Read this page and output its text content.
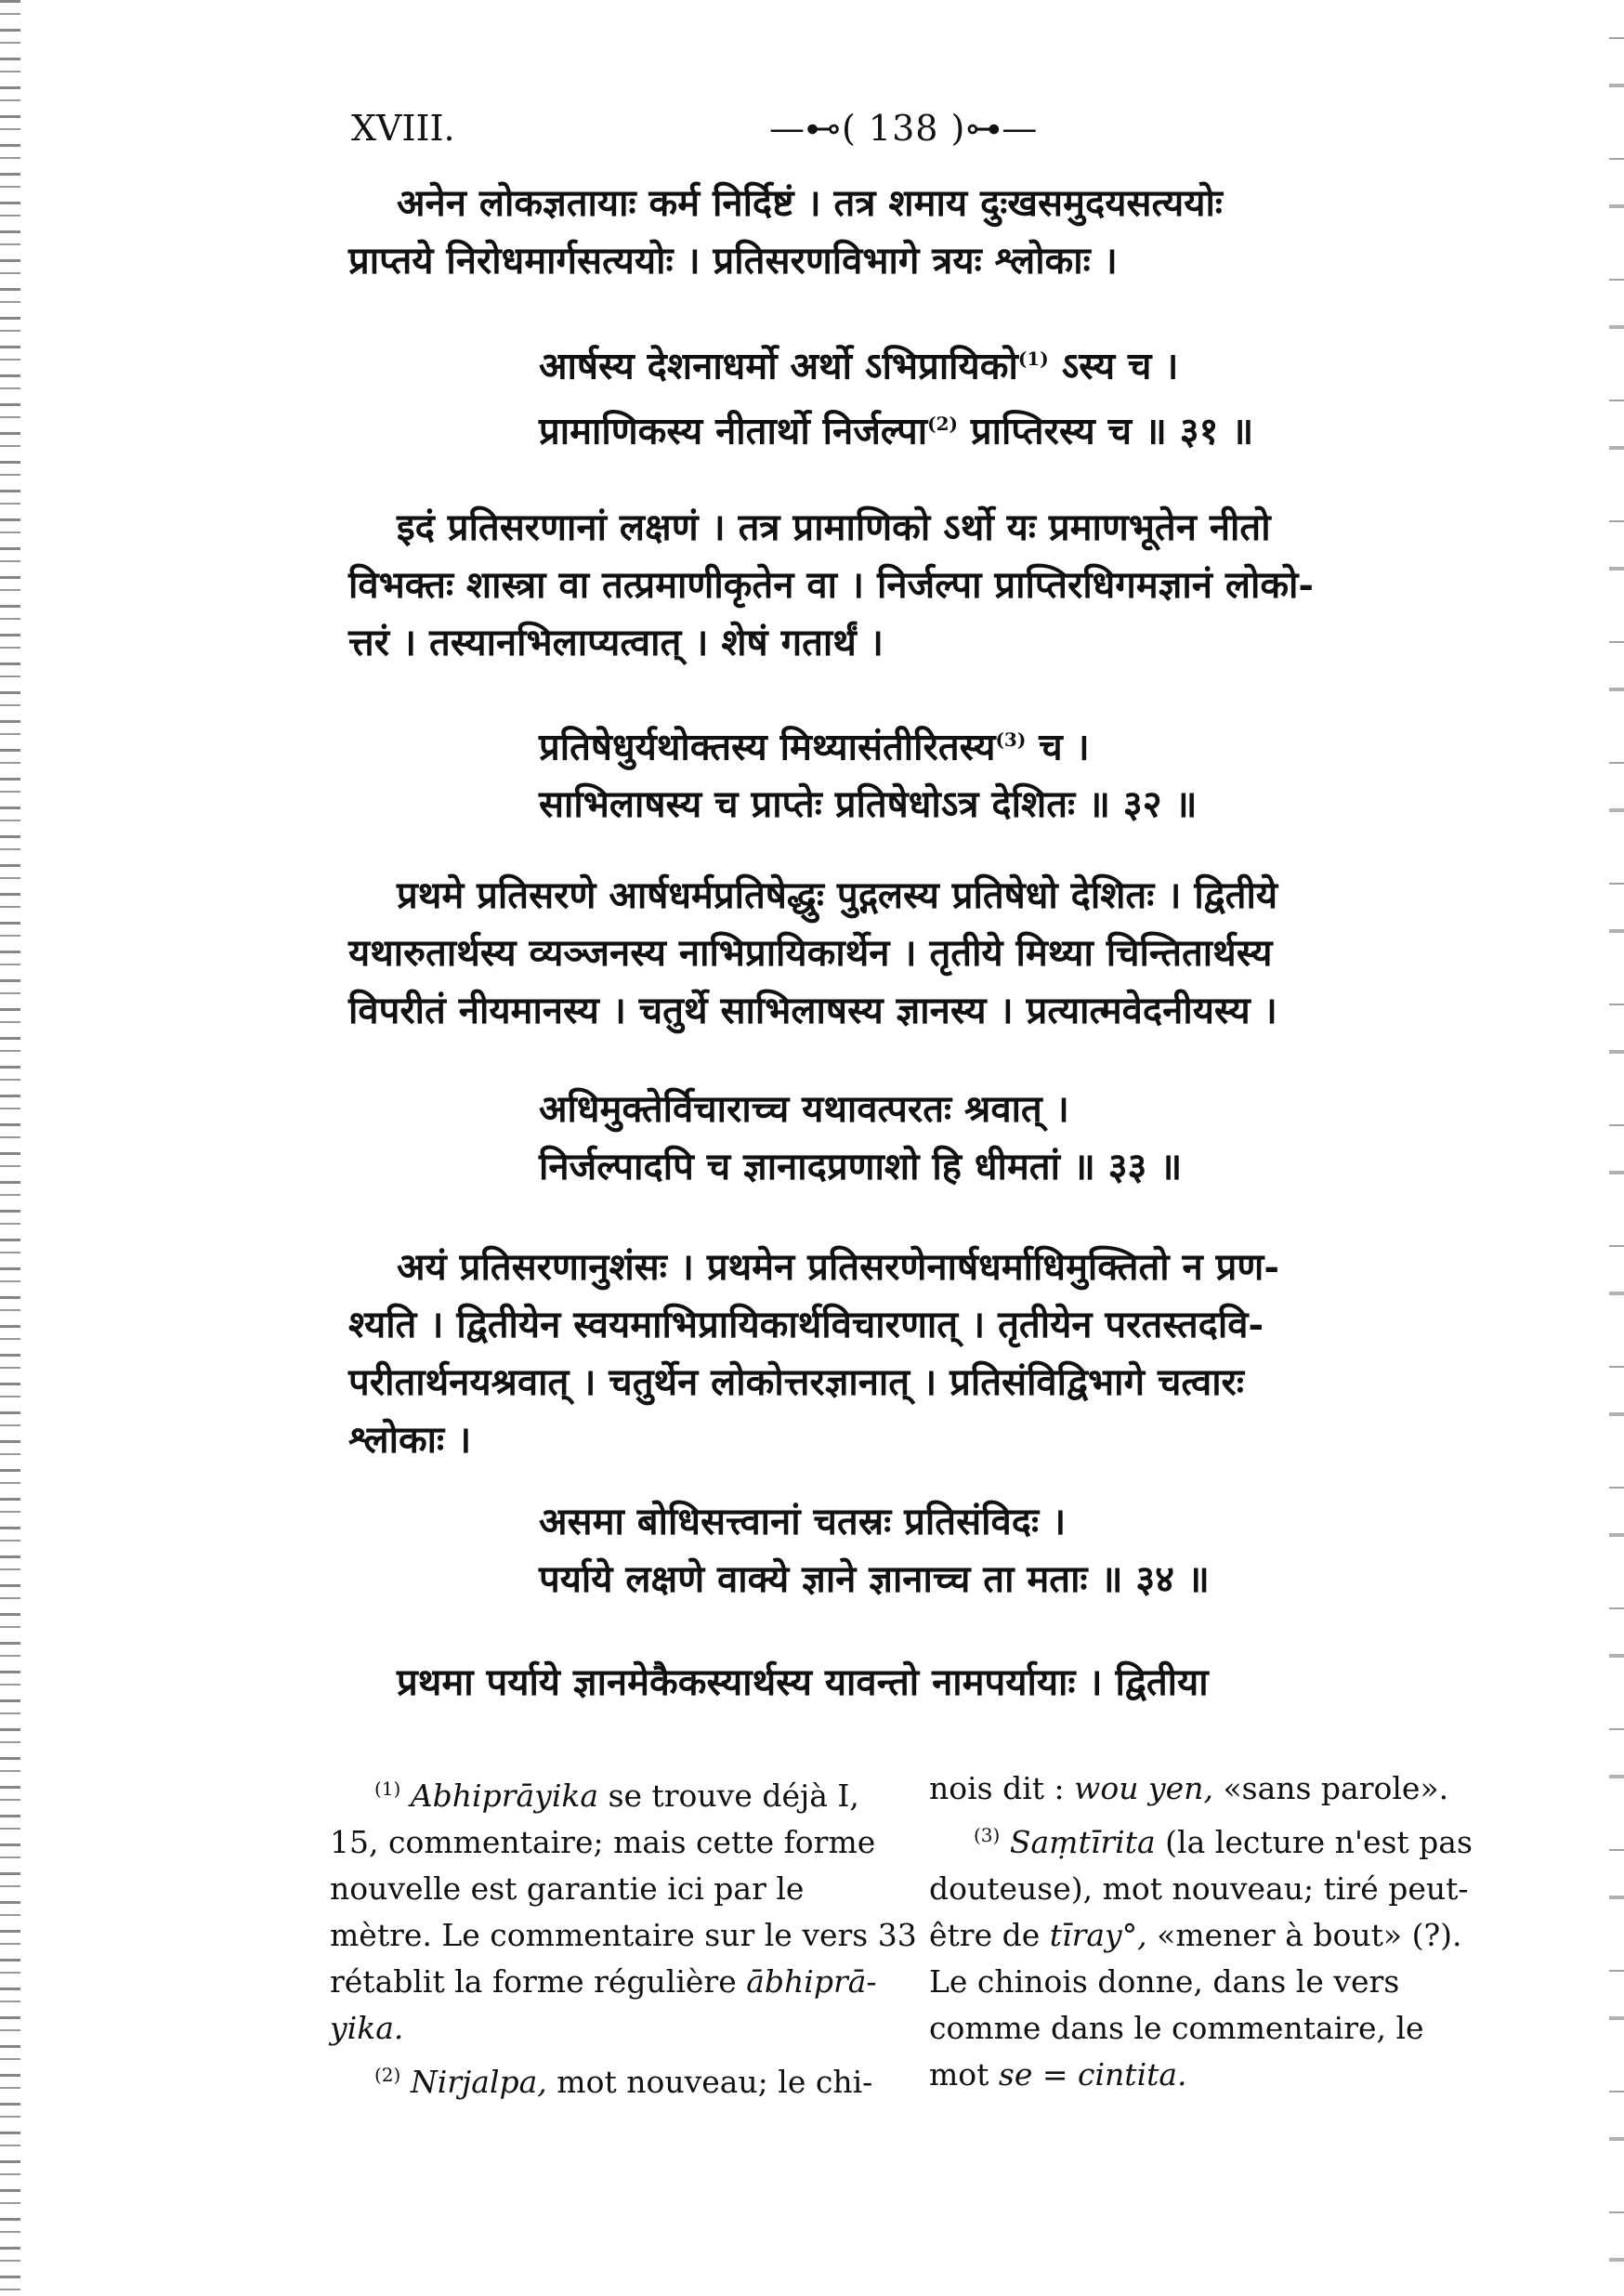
XVIII.	—⊷( 138 )⊶—
अनेन लोकज्ञतायाः कर्म निर्दिष्टं । तत्र शमाय दुःखसमुदयसत्ययोः
प्राप्तये निरोधमार्गसत्ययोः । प्रतिसरणविभागे त्रयः श्लोकाः ।
आर्षस्य देशनाधर्मो अर्थो ऽभिप्रायिको$^{(1)}$ ऽस्य च ।
प्रामाणिकस्य नीतार्थो निर्जल्पा$^{(2)}$ प्राप्तिरस्य च ॥ ३१ ॥
इदं प्रतिसरणानां लक्षणं । तत्र प्रामाणिको ऽर्थो यः प्रमाणभूतेन नीतो
विभक्तः शास्त्रा वा तत्प्रमाणीकृतेन वा । निर्जल्पा प्राप्तिरधिगमज्ञानं लोको-
त्तरं । तस्यानभिलाप्यत्वात् । शेषं गतार्थं ।
प्रतिषेधुर्यथोक्तस्य मिथ्यासंतीरितस्य$^{(3)}$ च ।
साभिलाषस्य च प्राप्तेः प्रतिषेधोऽत्र देशितः ॥ ३२ ॥
प्रथमे प्रतिसरणे आर्षधर्मप्रतिषेद्धुः पुद्गलस्य प्रतिषेधो देशितः । द्वितीये
यथारुतार्थस्य व्यञ्जनस्य नाभिप्रायिकार्थेन । तृतीये मिथ्या चिन्तितार्थस्य
विपरीतं नीयमानस्य । चतुर्थे साभिलाषस्य ज्ञानस्य । प्रत्यात्मवेदनीयस्य ।
अधिमुक्तेर्विचाराच्च यथावत्परतः श्रवात् ।
निर्जल्पादपि च ज्ञानादप्रणाशो हि धीमतां ॥ ३३ ॥
अयं प्रतिसरणानुशंसः । प्रथमेन प्रतिसरणेनार्षधर्माधिमुक्तितो न प्रण-
श्यति । द्वितीयेन स्वयमाभिप्रायिकार्थविचारणात् । तृतीयेन परतस्तदवि-
परीतार्थनयश्रवात् । चतुर्थेन लोकोत्तरज्ञानात् । प्रतिसंविद्विभागे चत्वारः
श्लोकाः ।
असमा बोधिसत्त्वानां चतस्रः प्रतिसंविदः ।
पर्याये लक्षणे वाक्ये ज्ञाने ज्ञानाच्च ता मताः ॥ ३४ ॥
प्रथमा पर्याये ज्ञानमेकैकस्यार्थस्य यावन्तो नामपर्यायाः । द्वितीया
$^{(1)}$ Abhiprāyika se trouve déjà I,
15, commentaire; mais cette forme
nouvelle est garantie ici par le
mètre. Le commentaire sur le vers 33
rétablit la forme régulière ābhiprā-
yika.
$^{(2)}$ Nirjalpa, mot nouveau; le chi-
nois dit : wou yen, «sans parole».
$^{(3)}$ Saṃtīrita (la lecture n'est pas
douteuse), mot nouveau; tiré peut-
être de tīray°, «mener à bout» (?).
Le chinois donne, dans le vers
comme dans le commentaire, le
mot se = cintita.
